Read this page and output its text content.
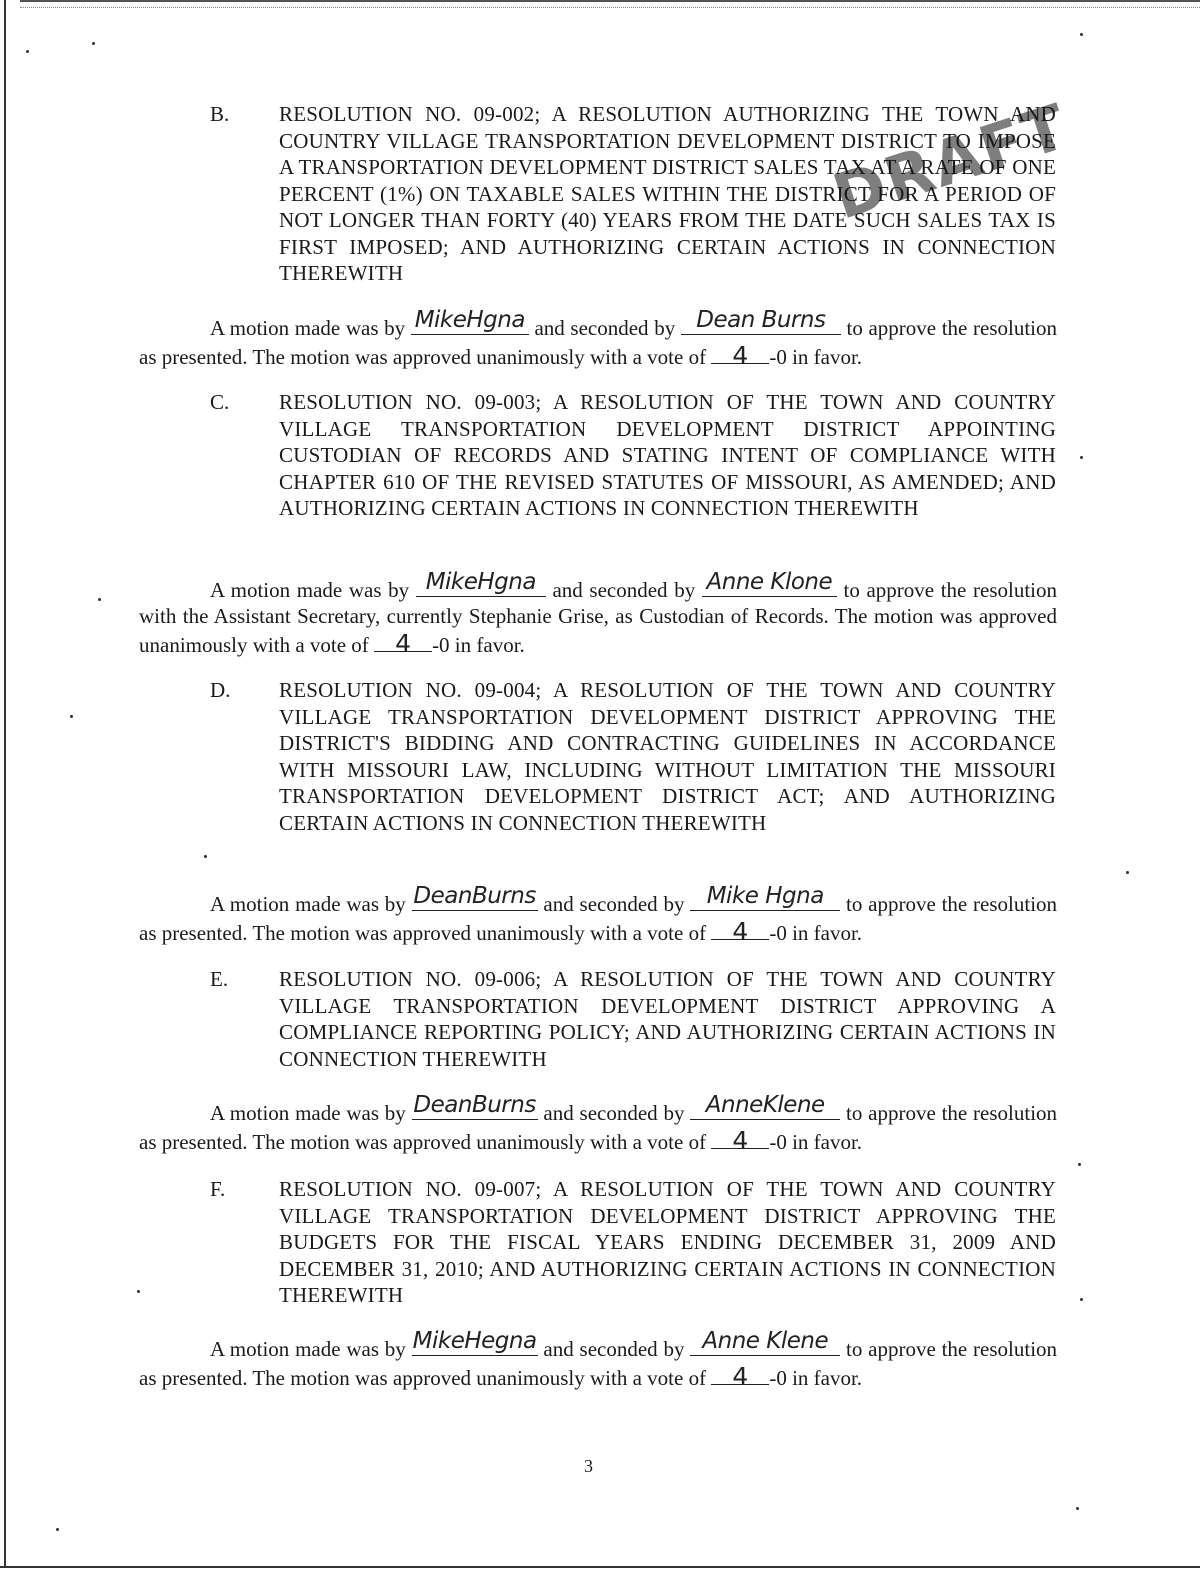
B. RESOLUTION NO. 09-002; A RESOLUTION AUTHORIZING THE TOWN AND COUNTRY VILLAGE TRANSPORTATION DEVELOPMENT DISTRICT TO IMPOSE A TRANSPORTATION DEVELOPMENT DISTRICT SALES TAX AT A RATE OF ONE PERCENT (1%) ON TAXABLE SALES WITHIN THE DISTRICT FOR A PERIOD OF NOT LONGER THAN FORTY (40) YEARS FROM THE DATE SUCH SALES TAX IS FIRST IMPOSED; AND AUTHORIZING CERTAIN ACTIONS IN CONNECTION THEREWITH
A motion made was by MikeHgna and seconded by Dean Burns	to approve the resolution as presented. The motion was approved unanimously with a vote of	4	-0 in favor.
C. RESOLUTION NO. 09-003; A RESOLUTION OF THE TOWN AND COUNTRY VILLAGE TRANSPORTATION DEVELOPMENT DISTRICT APPOINTING CUSTODIAN OF RECORDS AND STATING INTENT OF COMPLIANCE WITH CHAPTER 610 OF THE REVISED STATUTES OF MISSOURI, AS AMENDED; AND AUTHORIZING CERTAIN ACTIONS IN CONNECTION THEREWITH
A motion made was by MikeHgna and seconded by Anne Klone to approve the resolution with the Assistant Secretary, currently Stephanie Grise, as Custodian of Records. The motion was approved unanimously with a vote of	4	-0 in favor.
D. RESOLUTION NO. 09-004; A RESOLUTION OF THE TOWN AND COUNTRY VILLAGE TRANSPORTATION DEVELOPMENT DISTRICT APPROVING THE DISTRICT'S BIDDING AND CONTRACTING GUIDELINES IN ACCORDANCE WITH MISSOURI LAW, INCLUDING WITHOUT LIMITATION THE MISSOURI TRANSPORTATION DEVELOPMENT DISTRICT ACT; AND AUTHORIZING CERTAIN ACTIONS IN CONNECTION THEREWITH
A motion made was by DeanBurns and seconded by Mike Hgna	to approve the resolution as presented. The motion was approved unanimously with a vote of	4	-0 in favor.
E. RESOLUTION NO. 09-006; A RESOLUTION OF THE TOWN AND COUNTRY VILLAGE TRANSPORTATION DEVELOPMENT DISTRICT APPROVING A COMPLIANCE REPORTING POLICY; AND AUTHORIZING CERTAIN ACTIONS IN CONNECTION THEREWITH
A motion made was by DeanBurns and seconded by AnneKlene	to approve the resolution as presented. The motion was approved unanimously with a vote of	4	-0 in favor.
F.	RESOLUTION NO. 09-007; A RESOLUTION OF THE TOWN AND COUNTRY VILLAGE TRANSPORTATION DEVELOPMENT DISTRICT APPROVING THE BUDGETS FOR THE FISCAL YEARS ENDING DECEMBER 31, 2009 AND DECEMBER 31, 2010; AND AUTHORIZING CERTAIN ACTIONS IN CONNECTION THEREWITH
A motion made was by MikeHegna and seconded by Anne Klene to approve the resolution as presented. The motion was approved unanimously with a vote of	4	-0 in favor.
DRAFT
3
